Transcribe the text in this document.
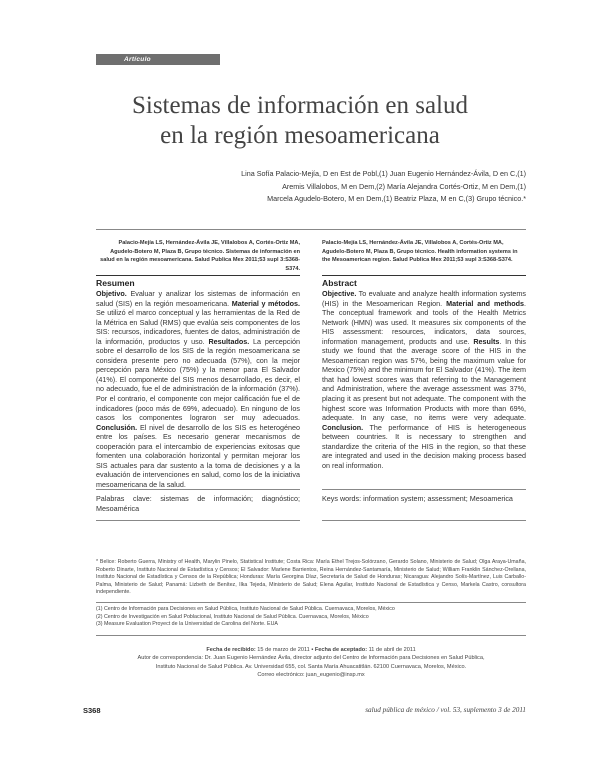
Artículo
Sistemas de información en salud
en la región mesoamericana
Lina Sofía Palacio-Mejía, D en Est de Pobl,(1) Juan Eugenio Hernández-Ávila, D en C,(1)
Aremis Villalobos, M en Dem,(2) María Alejandra Cortés-Ortiz, M en Dem,(1)
Marcela Agudelo-Botero, M en Dem,(1) Beatriz Plaza, M en C,(3) Grupo técnico.*
Palacio-Mejía LS, Hernández-Ávila JE, Villalobos A, Cortés-Ortiz MA, Agudelo-Botero M, Plaza B, Grupo técnico. Sistemas de información en salud en la región mesoamericana. Salud Publica Mex 2011;53 supl 3:S368-S374.
Palacio-Mejía LS, Hernández-Ávila JE, Villalobos A, Cortés-Ortiz MA, Agudelo-Botero M, Plaza B, Grupo técnico. Health information systems in the Mesoamerican region. Salud Publica Mex 2011;53 supl 3:S368-S374.
Resumen	Abstract
Objetivo. Evaluar y analizar los sistemas de información en salud (SIS) en la región mesoamericana. Material y métodos. Se utilizó el marco conceptual y las herramientas de la Red de la Métrica en Salud (RMS) que evalúa seis componentes de los SIS: recursos, indicadores, fuentes de datos, administración de la información, productos y uso. Resultados. La percepción sobre el desarrollo de los SIS de la región mesoamericana se considera presente pero no adecuada (57%), con la mejor percepción para México (75%) y la menor para El Salvador (41%). El componente del SIS menos desarrollado, es decir, el no adecuado, fue el de administración de la información (37%). Por el contrario, el componente con mejor calificación fue el de indicadores (poco más de 69%, adecuado). En ninguno de los casos los componentes lograron ser muy adecuados. Conclusión. El nivel de desarrollo de los SIS es heterogéneo entre los países. Es necesario generar mecanismos de cooperación para el intercambio de experiencias exitosas que fomenten una colaboración horizontal y permitan mejorar los SIS actuales para dar sustento a la toma de decisiones y a la evaluación de intervenciones en salud, como los de la iniciativa mesoamericana de la salud.
Objective. To evaluate and analyze health information systems (HIS) in the Mesoamerican Region. Material and methods. The conceptual framework and tools of the Health Metrics Network (HMN) was used. It measures six components of the HIS assessment: resources, indicators, data sources, information management, products and use. Results. In this study we found that the average score of the HIS in the Mesoamerican region was 57%, being the maximum value for Mexico (75%) and the minimum for El Salvador (41%). The item that had lowest scores was that referring to the Management and Administration, where the average assessment was 37%, placing it as present but not adequate. The component with the highest score was Information Products with more than 69%, adequate. In any case, no items were very adequate. Conclusion. The performance of HIS is heterogeneous between countries. It is necessary to strengthen and standardize the criteria of the HIS in the region, so that these are integrated and used in the decision making process based on real information.
Palabras clave: sistemas de información; diagnóstico; Mesoamérica
Keys words: information system; assessment; Mesoamerica
* Belice: Roberto Guerra, Ministry of Health, Marylin Pinelo, Statistical Institute; Costa Rica: María Ethel Trejos-Solórzano, Gerardo Solano, Ministerio de Salud; Olga Araya-Umaña, Roberto Dinarte, Instituto Nacional de Estadística y Censos; El Salvador: Marlene Barrientos, Reina Hernández-Santamaría, Ministerio de Salud; William Franklin Sánchez-Orellana, Instituto Nacional de Estadística y Censos de la República; Honduras: María Georgina Díaz, Secretaría de Salud de Honduras; Nicaragua: Alejandro Solís-Martínez, Luis Carballo-Palma, Ministerio de Salud; Panamá: Lizbeth de Benítez, Ilka Tejeda, Ministerio de Salud; Elena Aguilar, Instituto Nacional de Estadística y Censo, Markela Castro, consultora independiente.
(1) Centro de Información para Decisiones en Salud Pública, Instituto Nacional de Salud Pública. Cuernavaca, Morelos, México
(2) Centro de Investigación en Salud Poblacional, Instituto Nacional de Salud Pública. Cuernavaca, Morelos, México
(3) Measure Evaluation Proyect de la Universidad de Carolina del Norte. EUA
Fecha de recibido: 15 de marzo de 2011 • Fecha de aceptado: 11 de abril de 2011
Autor de correspondencia: Dr. Juan Eugenio Hernández Ávila, director adjunto del Centro de Información para Decisiones en Salud Pública,
Instituto Nacional de Salud Pública. Av. Universidad 655, col. Santa María Ahuacatitlán. 62100 Cuernavaca, Morelos, México.
Correo electrónico: juan_eugenio@insp.mx
S368	salud pública de méxico / vol. 53, suplemento 3 de 2011
